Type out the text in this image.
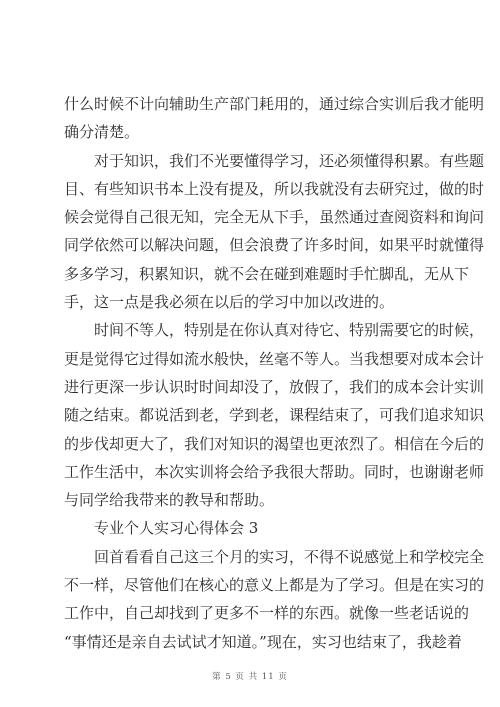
什么时候不计向辅助生产部门耗用的，通过综合实训后我才能明
确分清楚。
对于知识，我们不光要懂得学习，还必须懂得积累。有些题
目、有些知识书本上没有提及，所以我就没有去研究过，做的时
候会觉得自己很无知，完全无从下手，虽然通过查阅资料和询问
同学依然可以解决问题，但会浪费了许多时间，如果平时就懂得
多多学习，积累知识，就不会在碰到难题时手忙脚乱，无从下
手，这一点是我必须在以后的学习中加以改进的。
时间不等人，特别是在你认真对待它、特别需要它的时候，
更是觉得它过得如流水般快，丝毫不等人。当我想要对成本会计
进行更深一步认识时时间却没了，放假了，我们的成本会计实训
随之结束。都说活到老，学到老，课程结束了，可我们追求知识
的步伐却更大了，我们对知识的渴望也更浓烈了。相信在今后的
工作生活中，本次实训将会给予我很大帮助。同时，也谢谢老师
与同学给我带来的教导和帮助。
专业个人实习心得体会 3
回首看看自己这三个月的实习，不得不说感觉上和学校完全
不一样，尽管他们在核心的意义上都是为了学习。但是在实习的
工作中，自己却找到了更多不一样的东西。就像一些老话说的
“事情还是亲自去试试才知道。”现在，实习也结束了，我趁着
第 5 页 共 11 页
